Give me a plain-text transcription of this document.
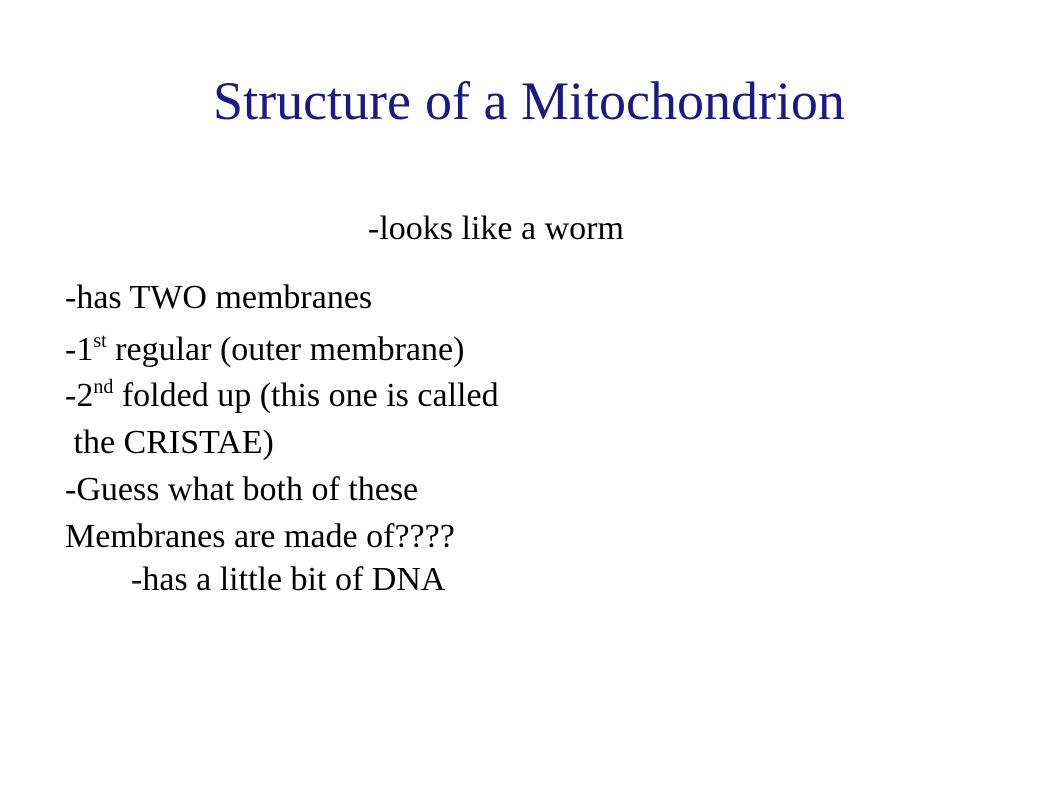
Structure of a Mitochondrion
-looks like a worm
-has TWO membranes
-1st regular (outer membrane)
-2nd folded up (this one is called
the CRISTAE)
-Guess what both of these
Membranes are made of????
-has a little bit of DNA
